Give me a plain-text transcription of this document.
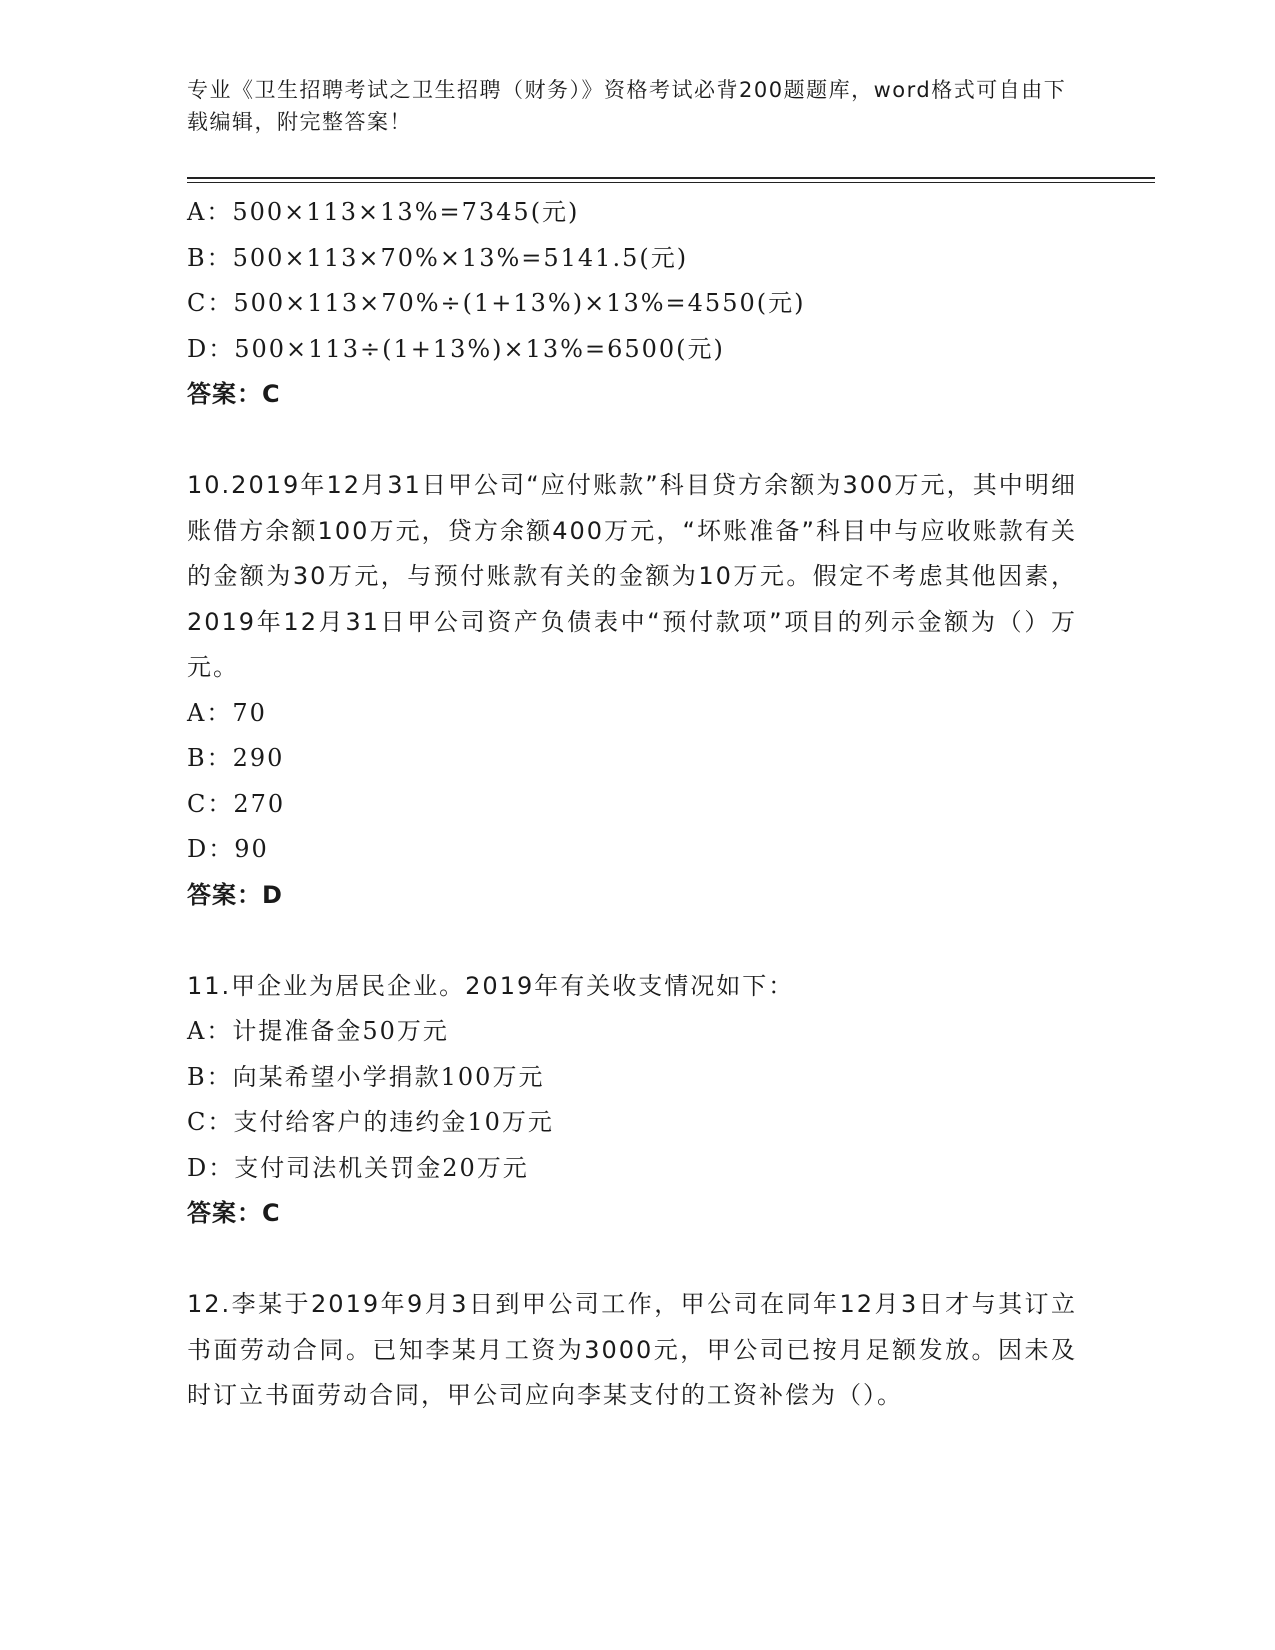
专业《卫生招聘考试之卫生招聘（财务）》资格考试必背200题题库，word格式可自由下载编辑，附完整答案！
A：500×113×13%=7345(元)
B：500×113×70%×13%=5141.5(元)
C：500×113×70%÷(1+13%)×13%=4550(元)
D：500×113÷(1+13%)×13%=6500(元)
答案：C
10.2019年12月31日甲公司“应付账款”科目贷方余额为300万元，其中明细账借方余额100万元，贷方余额400万元，“坏账准备”科目中与应收账款有关的金额为30万元，与预付账款有关的金额为10万元。假定不考虑其他因素，2019年12月31日甲公司资产负债表中“预付款项”项目的列示金额为（）万元。
A：70
B：290
C：270
D：90
答案：D
11.甲企业为居民企业。2019年有关收支情况如下：
A：计提准备金50万元
B：向某希望小学捐款100万元
C：支付给客户的违约金10万元
D：支付司法机关罚金20万元
答案：C
12.李某于2019年9月3日到甲公司工作，甲公司在同年12月3日才与其订立书面劳动合同。已知李某月工资为3000元，甲公司已按月足额发放。因未及时订立书面劳动合同，甲公司应向李某支付的工资补偿为（）。
